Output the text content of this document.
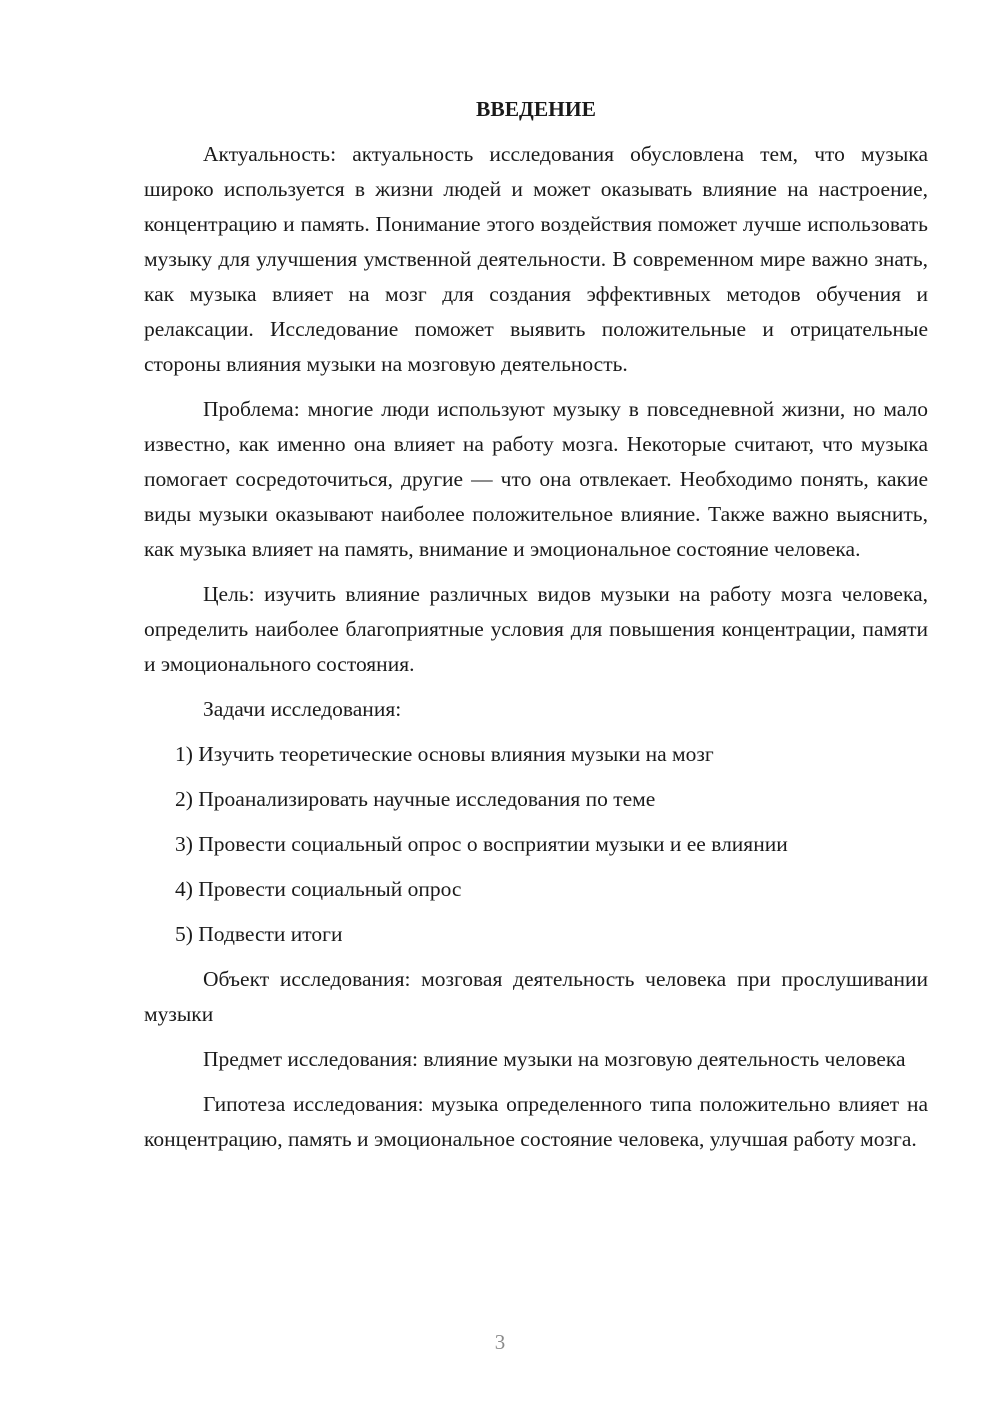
ВВЕДЕНИЕ

Актуальность: актуальность исследования обусловлена тем, что музыка широко используется в жизни людей и может оказывать влияние на настроение, концентрацию и память. Понимание этого воздействия поможет лучше использовать музыку для улучшения умственной деятельности. В современном мире важно знать, как музыка влияет на мозг для создания эффективных методов обучения и релаксации. Исследование поможет выявить положительные и отрицательные стороны влияния музыки на мозговую деятельность.

Проблема: многие люди используют музыку в повседневной жизни, но мало известно, как именно она влияет на работу мозга. Некоторые считают, что музыка помогает сосредоточиться, другие — что она отвлекает. Необходимо понять, какие виды музыки оказывают наиболее положительное влияние. Также важно выяснить, как музыка влияет на память, внимание и эмоциональное состояние человека.

Цель: изучить влияние различных видов музыки на работу мозга человека, определить наиболее благоприятные условия для повышения концентрации, памяти и эмоционального состояния.

Задачи исследования:

1) Изучить теоретические основы влияния музыки на мозг

2) Проанализировать научные исследования по теме

3) Провести социальный опрос о восприятии музыки и ее влиянии

4) Провести социальный опрос

5) Подвести итоги

Объект исследования: мозговая деятельность человека при прослушивании музыки

Предмет исследования: влияние музыки на мозговую деятельность человека

Гипотеза исследования: музыка определенного типа положительно влияет на концентрацию, память и эмоциональное состояние человека, улучшая работу мозга.

3
